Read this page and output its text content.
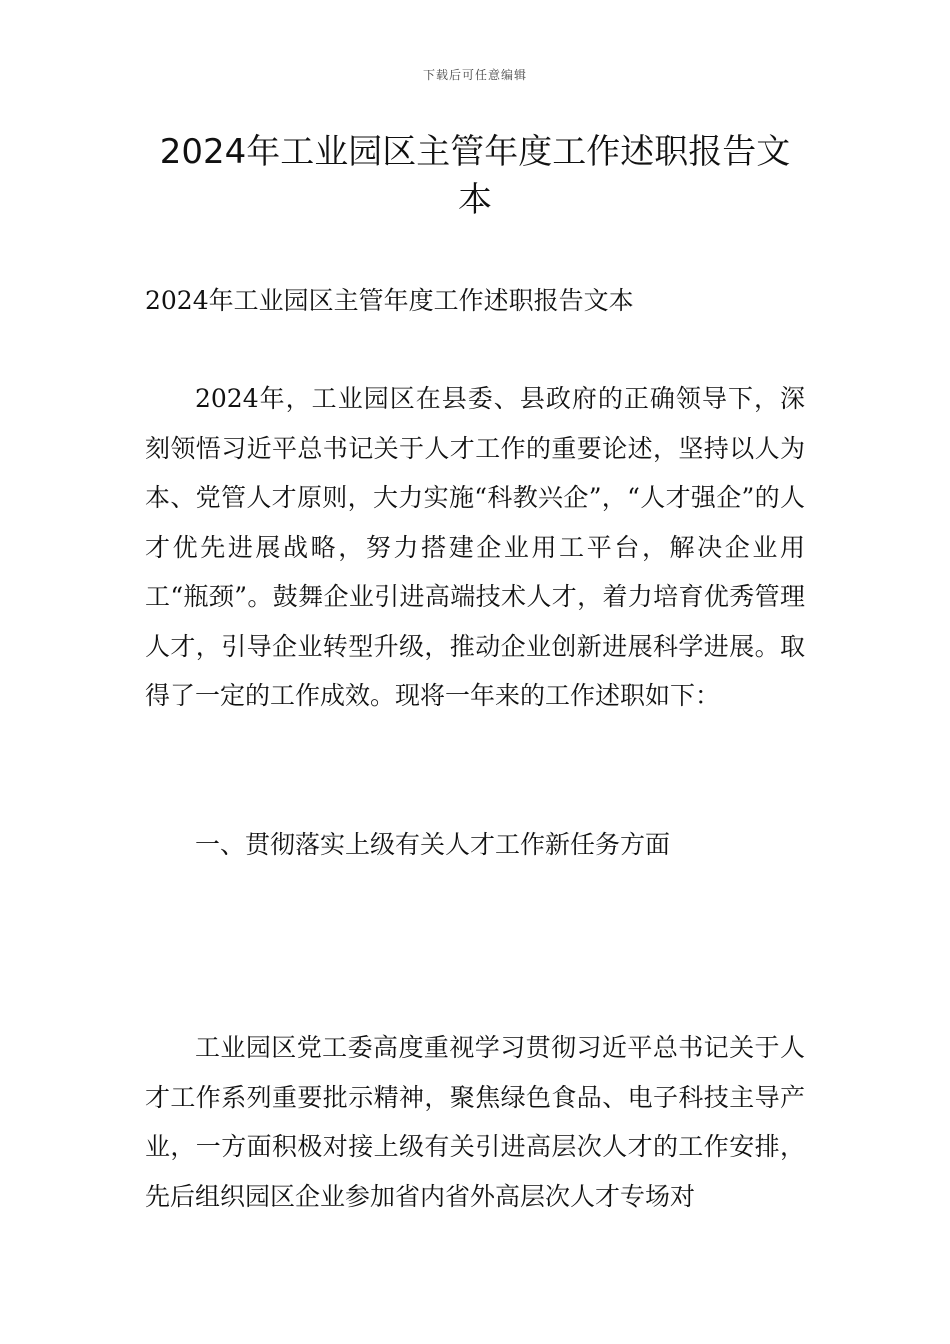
下载后可任意编辑
2024年工业园区主管年度工作述职报告文本

2024年工业园区主管年度工作述职报告文本

2024年，工业园区在县委、县政府的正确领导下，深刻领悟习近平总书记关于人才工作的重要论述，坚持以人为本、党管人才原则，大力实施“科教兴企”，“人才强企”的人才优先进展战略，努力搭建企业用工平台，解决企业用工“瓶颈”。鼓舞企业引进高端技术人才，着力培育优秀管理人才，引导企业转型升级，推动企业创新进展科学进展。取得了一定的工作成效。现将一年来的工作述职如下：

一、贯彻落实上级有关人才工作新任务方面

工业园区党工委高度重视学习贯彻习近平总书记关于人才工作系列重要批示精神，聚焦绿色食品、电子科技主导产业，一方面积极对接上级有关引进高层次人才的工作安排，先后组织园区企业参加省内省外高层次人才专场对
